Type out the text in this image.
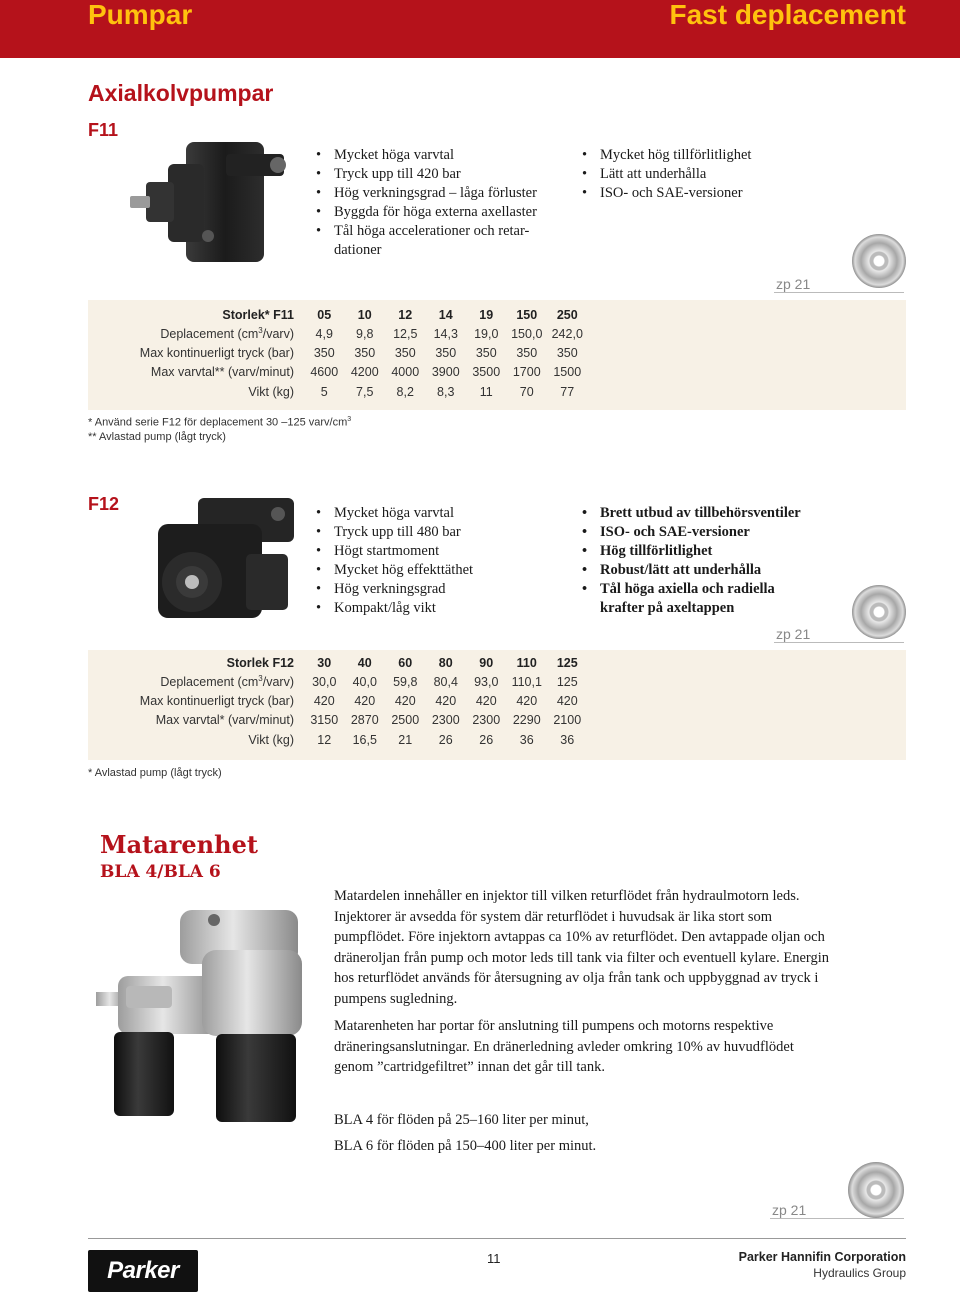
Pumpar	Fast deplacement
Axialkolvpumpar
F11
• Mycket höga varvtal
• Tryck upp till 420 bar
• Hög verkningsgrad – låga förluster
• Byggda för höga externa axellaster
• Tål höga accelerationer och retar-dationer
• Mycket hög tillförlitlighet
• Lätt att underhålla
• ISO- och SAE-versioner
zp 21
Storlek* F11	05	10	12	14	19	150	250
Deplacement $(cm^3/varv)$	4,9	9,8	12,5	14,3	19,0	150,0 242,0
Max kontinuerligt tryck (bar)	350	350	350	350	350	350	350
Max varvtal** (varv/minut)	4600	4200	4000	3900	3500	1700	1500
Vikt (kg)	5	7,5	8,2	8,3	11	70	77
* Använd serie F12 för deplacement 30 –125 varv/$cm^3$
** Avlastad pump (lågt tryck)
F12
•	Mycket höga varvtal
• Tryck upp till 480 bar
• Högt startmoment
• Mycket hög effekttäthet
• Hög verkningsgrad
• Kompakt/låg vikt
• Brett utbud av tillbehörsventiler
• ISO- och SAE-versioner
• Hög tillförlitlighet
• Robust/lätt att underhålla
• Tål höga axiella och radiella krafter på axeltappen
zp 21
Storlek F12	30	40	60	80	90	110	125
Deplacement $(cm^3/varv)$	30,0	40,0	59,8	80,4	93,0	110,1	125
Max kontinuerligt tryck (bar)	420	420	420	420	420	420	420
Max varvtal* (varv/minut)	3150	2870	2500	2300	2300	2290	2100
Vikt (kg)	12	16,5	21	26	26	36	36
* Avlastad pump (lågt tryck)
Matarenhet
BLA 4/BLA 6
Matardelen innehåller en injektor till vilken returflödet från hydraulmotorn leds. Injektorer är avsedda för system där returflödet i huvudsak är lika stort som pumpflödet. Före injektorn avtappas ca 10% av returflödet. Den avtappade oljan och dräneroljan från pump och motor leds till tank via filter och eventuell kylare. Energin hos returflödet används för återsugning av olja från tank och uppbyggnad av tryck i pumpens sugledning.
Matarenheten har portar för anslutning till pumpens och motorns respektive dräneringsanslutningar. En dränerledning avleder omkring 10% av huvudflödet genom ”cartridgefiltret” innan det går till tank.
BLA 4 för flöden på 25–160 liter per minut,
BLA 6 för flöden på 150–400 liter per minut.
zp 21
11
Parker	Parker Hannifin Corporation
Hydraulics Group
